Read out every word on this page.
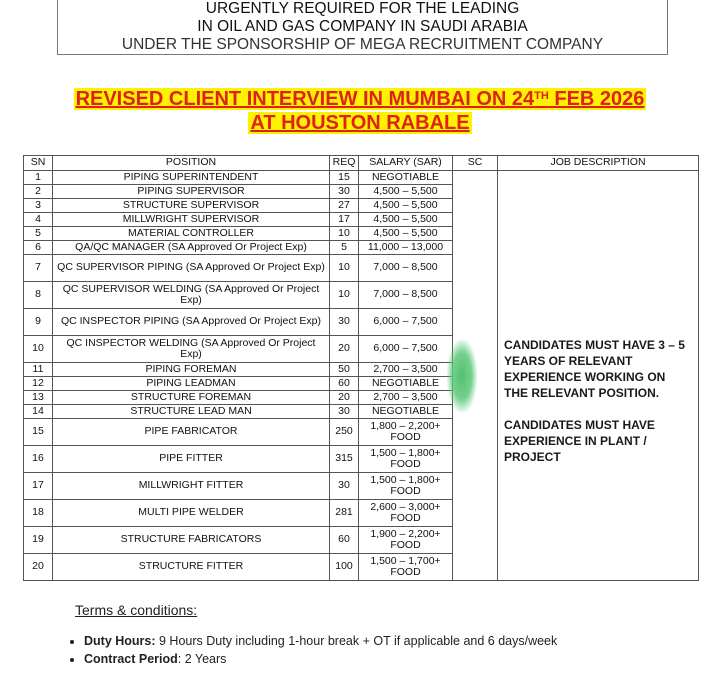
URGENTLY REQUIRED FOR THE LEADING
IN OIL AND GAS COMPANY IN SAUDI ARABIA
UNDER THE SPONSORSHIP OF MEGA RECRUITMENT COMPANY
REVISED CLIENT INTERVIEW IN MUMBAI ON 24TH FEB 2026
AT HOUSTON RABALE
SN	POSITION	REQ	SALARY (SAR)	SC	JOB DESCRIPTION
1	PIPING SUPERINTENDENT	15	NEGOTIABLE		CANDIDATES MUST HAVE 3 – 5 YEARS OF RELEVANT EXPERIENCE WORKING ON THE RELEVANT POSITION.

CANDIDATES MUST HAVE EXPERIENCE IN PLANT / PROJECT

2	PIPING SUPERVISOR	30	4,500 – 5,500		

3	STRUCTURE SUPERVISOR	27	4,500 – 5,500		

4	MILLWRIGHT SUPERVISOR	17	4,500 – 5,500		

5	MATERIAL CONTROLLER	10	4,500 – 5,500		

6	QA/QC MANAGER (SA Approved Or Project Exp)	5	11,000 – 13,000		

7	QC SUPERVISOR PIPING (SA Approved Or Project Exp)	10	7,000 – 8,500		

8	QC SUPERVISOR WELDING (SA Approved Or Project Exp)	10	7,000 – 8,500		

9	QC INSPECTOR PIPING (SA Approved Or Project Exp)	30	6,000 – 7,500		

10	QC INSPECTOR WELDING (SA Approved Or Project Exp)	20	6,000 – 7,500		

11	PIPING FOREMAN	50	2,700 – 3,500		

12	PIPING LEADMAN	60	NEGOTIABLE		

13	STRUCTURE FOREMAN	20	2,700 – 3,500		

14	STRUCTURE LEAD MAN	30	NEGOTIABLE		

15	PIPE FABRICATOR	250	1,800 – 2,200+
FOOD		

16	PIPE FITTER	315	1,500 – 1,800+
FOOD		

17	MILLWRIGHT FITTER	30	1,500 – 1,800+
FOOD		

18	MULTI PIPE WELDER	281	2,600 – 3,000+
FOOD		

19	STRUCTURE FABRICATORS	60	1,900 – 2,200+
FOOD		

20	STRUCTURE FITTER	100	1,500 – 1,700+
FOOD		
Terms & conditions:
• Duty Hours: 9 Hours Duty including 1-hour break + OT if applicable and 6 days/week
• Contract Period: 2 Years
